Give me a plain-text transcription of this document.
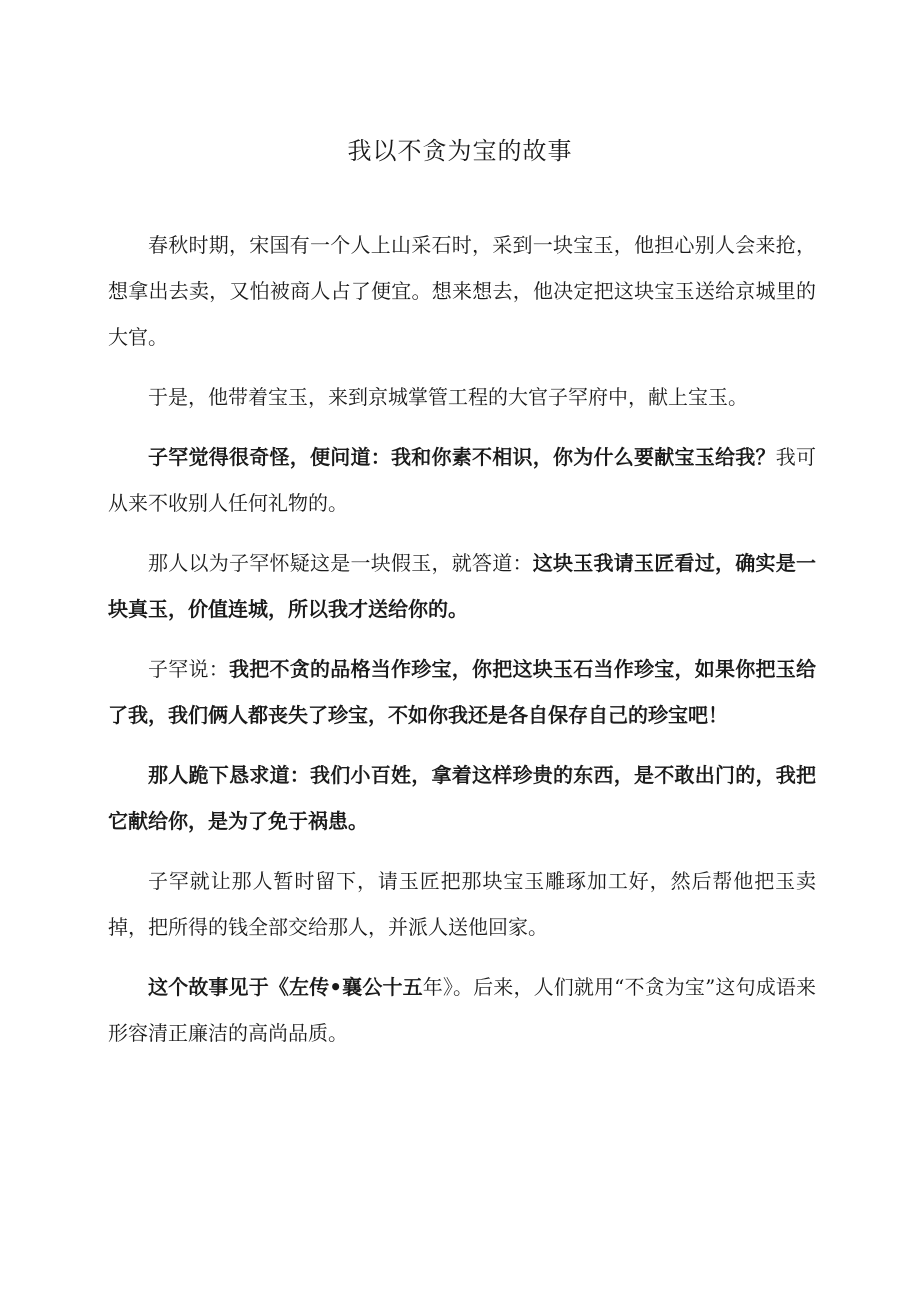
我以不贪为宝的故事

春秋时期，宋国有一个人上山采石时，采到一块宝玉，他担心别人会来抢，想拿出去卖，又怕被商人占了便宜。想来想去，他决定把这块宝玉送给京城里的大官。

于是，他带着宝玉，来到京城掌管工程的大官子罕府中，献上宝玉。

子罕觉得很奇怪，便问道：我和你素不相识，你为什么要献宝玉给我？我可从来不收别人任何礼物的。

那人以为子罕怀疑这是一块假玉，就答道：这块玉我请玉匠看过，确实是一块真玉，价值连城，所以我才送给你的。

子罕说：我把不贪的品格当作珍宝，你把这块玉石当作珍宝，如果你把玉给了我，我们俩人都丧失了珍宝，不如你我还是各自保存自己的珍宝吧！

那人跪下恳求道：我们小百姓，拿着这样珍贵的东西，是不敢出门的，我把它献给你，是为了免于祸患。

子罕就让那人暂时留下，请玉匠把那块宝玉雕琢加工好，然后帮他把玉卖掉，把所得的钱全部交给那人，并派人送他回家。

这个故事见于《左传•襄公十五年》。后来，人们就用“不贪为宝”这句成语来形容清正廉洁的高尚品质。
